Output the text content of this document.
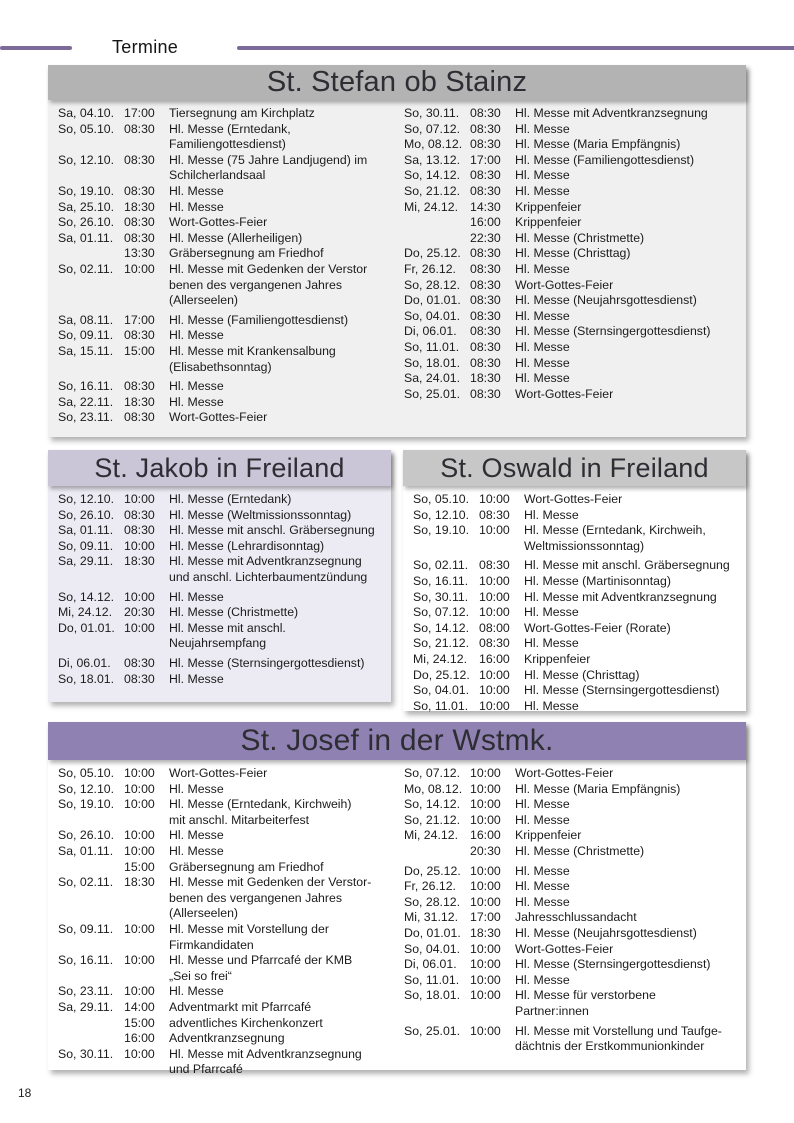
Termine
St. Stefan ob Stainz
Sa, 04.10. 17:00	Tiersegnung am Kirchplatz
So, 05.10. 08:30	Hl. Messe (Erntedank,
Familiengottesdienst)
So, 12.10. 08:30	Hl. Messe (75 Jahre Landjugend) im
Schilcherlandsaal
So, 19.10. 08:30	Hl. Messe
Sa, 25.10. 18:30	Hl. Messe
So, 26.10. 08:30	Wort-Gottes-Feier
Sa, 01.11. 08:30	Hl. Messe (Allerheiligen)
13:30	Gräbersegnung am Friedhof
So, 02.11. 10:00	Hl. Messe mit Gedenken der Verstor
benen des vergangenen Jahres
(Allerseelen)
Sa, 08.11. 17:00	Hl. Messe (Familiengottesdienst)
So, 09.11. 08:30	Hl. Messe
Sa, 15.11. 15:00	Hl. Messe mit Krankensalbung
(Elisabethsonntag)
So, 16.11. 08:30	Hl. Messe
Sa, 22.11. 18:30	Hl. Messe
So, 23.11. 08:30	Wort-Gottes-Feier
So, 30.11. 08:30	Hl. Messe mit Adventkranzsegnung
So, 07.12. 08:30	Hl. Messe
Mo, 08.12. 08:30	Hl. Messe (Maria Empfängnis)
Sa, 13.12. 17:00	Hl. Messe (Familiengottesdienst)
So, 14.12. 08:30	Hl. Messe
So, 21.12. 08:30	Hl. Messe
Mi, 24.12. 14:30	Krippenfeier
16:00	Krippenfeier
22:30	Hl. Messe (Christmette)
Do, 25.12. 08:30	Hl. Messe (Christtag)
Fr, 26.12.	08:30	Hl. Messe
So, 28.12. 08:30	Wort-Gottes-Feier
Do, 01.01. 08:30	Hl. Messe (Neujahrsgottesdienst)
So, 04.01. 08:30	Hl. Messe
Di, 06.01.	08:30	Hl. Messe (Sternsingergottesdienst)
So, 11.01. 08:30	Hl. Messe
So, 18.01. 08:30	Hl. Messe
Sa, 24.01. 18:30	Hl. Messe
So, 25.01. 08:30	Wort-Gottes-Feier
St. Jakob in Freiland
So, 12.10. 10:00	Hl. Messe (Erntedank)
So, 26.10. 08:30	Hl. Messe (Weltmissionssonntag)
Sa, 01.11. 08:30	Hl. Messe mit anschl. Gräbersegnung
So, 09.11. 10:00	Hl. Messe (Lehrardisonntag)
Sa, 29.11. 18:30	Hl. Messe mit Adventkranzsegnung
und anschl. Lichterbaumentzündung
So, 14.12. 10:00	Hl. Messe
Mi, 24.12. 20:30	Hl. Messe (Christmette)
Do, 01.01. 10:00	Hl. Messe mit anschl.
Neujahrsempfang
Di, 06.01.	08:30	Hl. Messe (Sternsingergottesdienst)
So, 18.01. 08:30	Hl. Messe
St. Oswald in Freiland
So, 05.10. 10:00	Wort-Gottes-Feier
So, 12.10. 08:30	Hl. Messe
So, 19.10. 10:00	Hl. Messe (Erntedank, Kirchweih,
Weltmissionssonntag)
So, 02.11. 08:30	Hl. Messe mit anschl. Gräbersegnung
So, 16.11. 10:00	Hl. Messe (Martinisonntag)
So, 30.11. 10:00	Hl. Messe mit Adventkranzsegnung
So, 07.12. 10:00	Hl. Messe
So, 14.12. 08:00	Wort-Gottes-Feier (Rorate)
So, 21.12. 08:30	Hl. Messe
Mi, 24.12. 16:00	Krippenfeier
Do, 25.12. 10:00	Hl. Messe (Christtag)
So, 04.01. 10:00	Hl. Messe (Sternsingergottesdienst)
So, 11.01. 10:00	Hl. Messe
St. Josef in der Wstmk.
So, 05.10. 10:00	Wort-Gottes-Feier
So, 12.10. 10:00	Hl. Messe
So, 19.10. 10:00	Hl. Messe (Erntedank, Kirchweih)
mit anschl. Mitarbeiterfest
So, 26.10. 10:00	Hl. Messe
Sa, 01.11. 10:00	Hl. Messe
15:00	Gräbersegnung am Friedhof
So, 02.11. 18:30	Hl. Messe mit Gedenken der Verstor-
benen des vergangenen Jahres
(Allerseelen)
So, 09.11. 10:00	Hl. Messe mit Vorstellung der
Firmkandidaten
So, 16.11. 10:00	Hl. Messe und Pfarrcafé der KMB
„Sei so frei“
So, 23.11. 10:00	Hl. Messe
Sa, 29.11. 14:00	Adventmarkt mit Pfarrcafé
15:00	adventliches Kirchenkonzert
16:00	Adventkranzsegnung
So, 30.11. 10:00	Hl. Messe mit Adventkranzsegnung
und Pfarrcafé
So, 07.12. 10:00	Wort-Gottes-Feier
Mo, 08.12. 10:00	Hl. Messe (Maria Empfängnis)
So, 14.12. 10:00	Hl. Messe
So, 21.12. 10:00	Hl. Messe
Mi, 24.12. 16:00	Krippenfeier
20:30	Hl. Messe (Christmette)
Do, 25.12. 10:00	Hl. Messe
Fr, 26.12.	10:00	Hl. Messe
So, 28.12. 10:00	Hl. Messe
Mi, 31.12. 17:00	Jahresschlussandacht
Do, 01.01. 18:30	Hl. Messe (Neujahrsgottesdienst)
So, 04.01. 10:00	Wort-Gottes-Feier
Di, 06.01.	10:00	Hl. Messe (Sternsingergottesdienst)
So, 11.01. 10:00	Hl. Messe
So, 18.01. 10:00	Hl. Messe für verstorbene
Partner:innen
So, 25.01. 10:00	Hl. Messe mit Vorstellung und Taufge-
dächtnis der Erstkommunionkinder
18
